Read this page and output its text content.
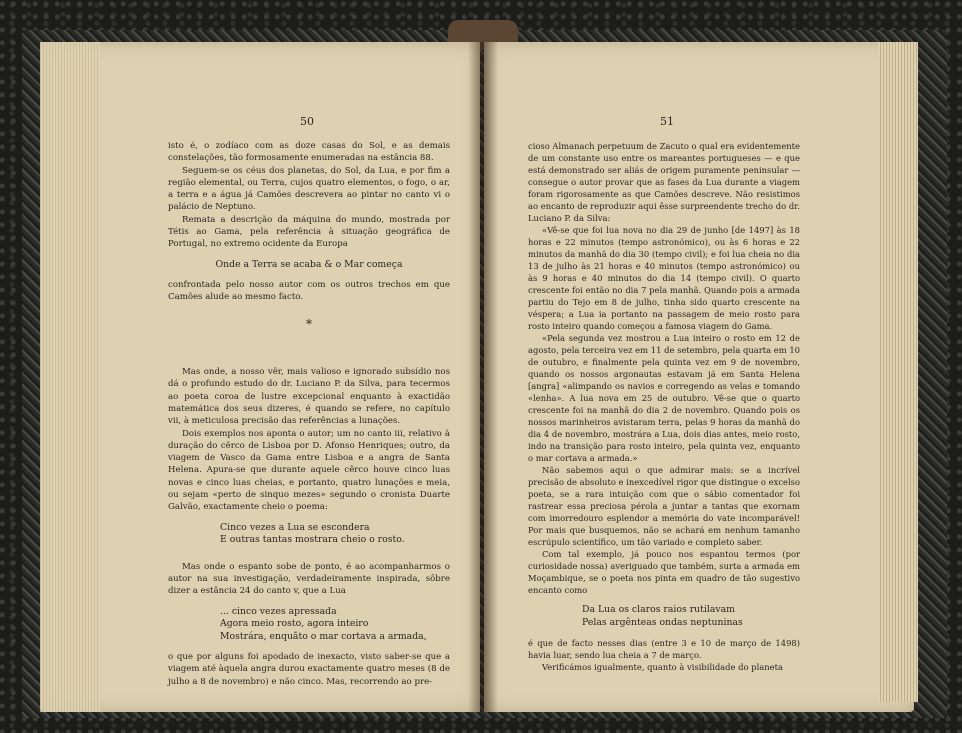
50

isto é, o zodíaco com as doze casas do Sol, e as demais constelações, tão formosamente enumeradas na estância 88.

Seguem-se os céus dos planetas, do Sol, da Lua, e por fim a região elemental, ou Terra, cujos quatro elementos, o fogo, o ar, a terra e a água já Camões descrevera ao pintar no canto vi o palácio de Neptuno.

Remata a descrição da máquina do mundo, mostrada por Tétis ao Gama, pela referência à situação geográfica de Portugal, no extremo ocidente da Europa

Onde a Terra se acaba & o Mar começa

confrontada pelo nosso autor com os outros trechos em que Camões alude ao mesmo facto.

*

Mas onde, a nosso vêr, mais valioso e ignorado subsídio nos dá o profundo estudo do dr. Luciano P. da Silva, para tecermos ao poeta coroa de lustre excepcional enquanto à exactidão matemática dos seus dizeres, é quando se refere, no capítulo vii, à meticulosa precisão das referências a lunações.

Dois exemplos nos aponta o autor; um no canto iii, relativo à duração do cêrco de Lisboa por D. Afonso Henriques; outro, da viagem de Vasco da Gama entre Lisboa e a angra de Santa Helena. Apura-se que durante aquele cêrco houve cinco luas novas e cinco luas cheias, e portanto, quatro lunações e meia, ou sejam «perto de sinquo mezes» segundo o cronista Duarte Galvão, exactamente cheio o poema:

Cinco vezes a Lua se escondera

E outras tantas mostrara cheio o rosto.

Mas onde o espanto sobe de ponto, é ao acompanharmos o autor na sua investigação, verdadeiramente inspirada, sôbre dizer a estância 24 do canto v, que a Lua

... cinco vezes apressada

Agora meio rosto, agora inteiro

Mostrára, enquãto o mar cortava a armada,

o que por alguns foi apodado de inexacto, visto saber-se que a viagem até àquela angra durou exactamente quatro meses (8 de julho a 8 de novembro) e não cinco. Mas, recorrendo ao pre-

51

cioso Almanach perpetuum de Zacuto o qual era evidentemente de um constante uso entre os mareantes portugueses — e que está demonstrado ser aliás de origem puramente peninsular — consegue o autor provar que as fases da Lua durante a viagem foram rigorosamente as que Camões descreve. Não resistimos ao encanto de reproduzir aqui êsse surpreendente trecho do dr. Luciano P. da Silva:

«Vê-se que foi lua nova no dia 29 de junho [de 1497] às 18 horas e 22 minutos (tempo astronómico), ou às 6 horas e 22 minutos da manhã do dia 30 (tempo civil); e foi lua cheia no dia 13 de julho às 21 horas e 40 minutos (tempo astronómico) ou às 9 horas e 40 minutos do dia 14 (tempo civil). O quarto crescente foi então no dia 7 pela manhã. Quando pois a armada partiu do Tejo em 8 de julho, tinha sido quarto crescente na véspera; a Lua ia portanto na passagem de meio rosto para rosto inteiro quando começou a famosa viagem do Gama.

«Pela segunda vez mostrou a Lua inteiro o rosto em 12 de agosto, pela terceira vez em 11 de setembro, pela quarta em 10 de outubro, e finalmente pela quinta vez em 9 de novembro, quando os nossos argonautas estavam já em Santa Helena [angra] «alimpando os navios e corregendo as velas e tomando «lenha». A lua nova em 25 de outubro. Vê-se que o quarto crescente foi na manhã do dia 2 de novembro. Quando pois os nossos marinheiros avistaram terra, pelas 9 horas da manhã do dia 4 de novembro, mostrára a Lua, dois dias antes, meio rosto, indo na transição para rosto inteiro, pela quinta vez, enquanto o mar cortava a armada.»

Não sabemos aqui o que admirar mais: se a incrível precisão de absoluto e inexcedível rigor que distingue o excelso poeta, se a rara intuição com que o sábio comentador foi rastrear essa preciosa pérola a juntar a tantas que exornam com imorredouro esplendor a memória do vate incomparável! Por mais que busquemos, não se achará em nenhum tamanho escrúpulo scientífico, um tão variado e completo saber.

Com tal exemplo, já pouco nos espantou termos (por curiosidade nossa) averiguado que também, surta a armada em Moçambique, se o poeta nos pinta em quadro de tão sugestivo encanto como

Da Lua os claros raios rutilavam

Pelas argênteas ondas neptuninas

é que de facto nesses dias (entre 3 e 10 de março de 1498) havia luar, sendo lua cheia a 7 de março.

Verificámos igualmente, quanto à visibilidade do planeta
